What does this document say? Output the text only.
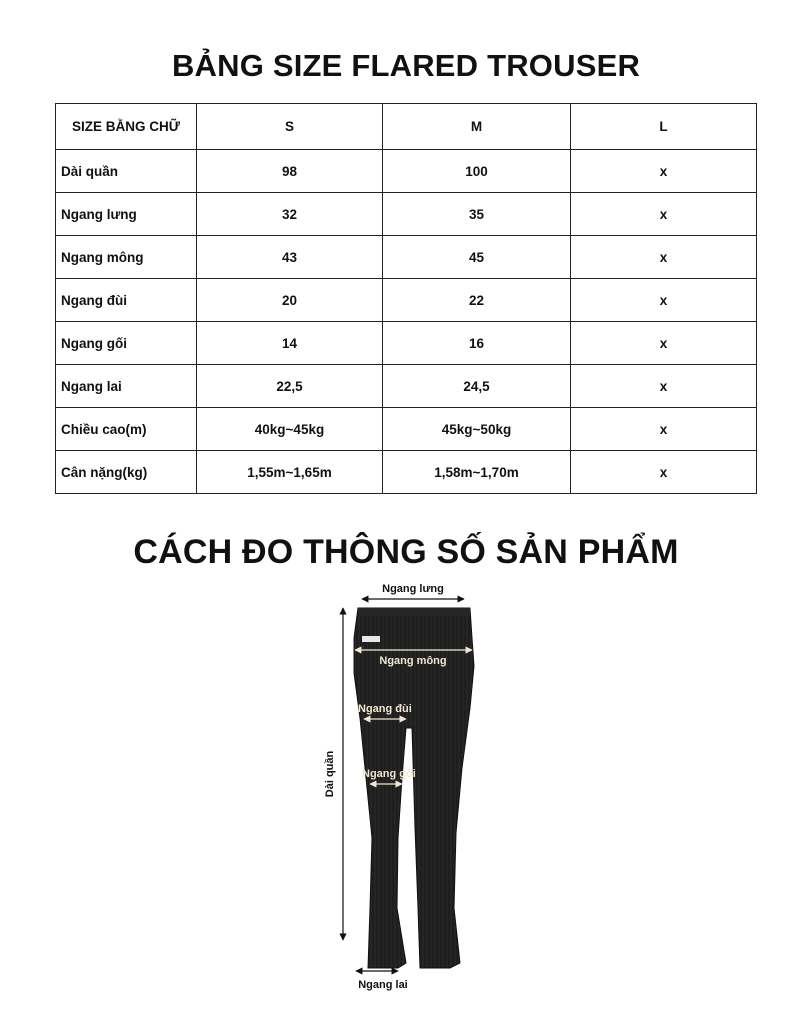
BẢNG SIZE FLARED TROUSER
SIZE BẰNG CHỮ	S	M	L
Dài quần	98	100	x
Ngang lưng	32	35	x
Ngang mông	43	45	x
Ngang đùi	20	22	x
Ngang gối	14	16	x
Ngang lai	22,5	24,5	x
Chiều cao(m)	40kg~45kg	45kg~50kg	x
Cân nặng(kg)	1,55m~1,65m	1,58m~1,70m	x
CÁCH ĐO THÔNG SỐ SẢN PHẨM
Ngang lưng
Ngang mông
Ngang đùi
Ngang gối
Dài quần
Ngang lai
